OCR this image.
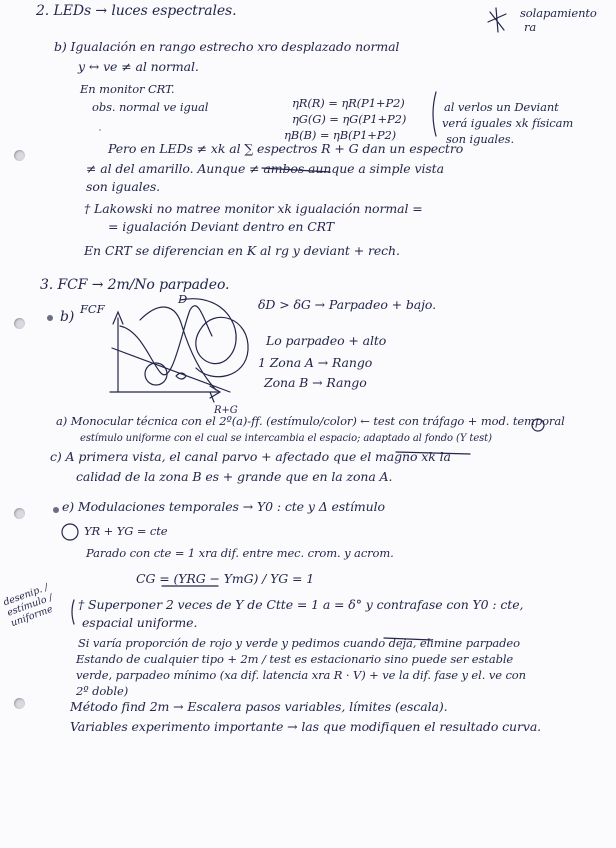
2. LEDs → luces espectrales.	solapamiento
ra
b) Igualación en rango estrecho xro desplazado normal
y ↔ ve ≠ al normal.
En monitor CRT.
obs. normal ve igual	ηR(R) = ηR(P1+P2)
ηG(G) = ηG(P1+P2)
ηB(B) = ηB(P1+P2)
al verlos un Deviant
verá iguales xk físicam
son iguales.
Pero en LEDs ≠ xk al ∑ espectros R + G dan un espectro
≠ al del amarillo. Aunque ≠ ambos aunque a simple vista
son iguales.
† Lakowski no matree monitor xk igualación normal =
= igualación Deviant dentro en CRT
En CRT se diferencian en K al rg y deviant + rech.
3. FCF → 2m/No parpadeo.
b) FCF
D
R+G
δD > δG → Parpadeo + bajo.
Lo parpadeo + alto
1 Zona A → Rango
Zona B → Rango
a) Monocular técnica con el 2º(a)-ff. (estímulo/color) ← test con tráfago + mod. temporal
estímulo uniforme con el cual se intercambia el espacio; adaptado al fondo (Y test)
c) A primera vista, el canal parvo + afectado que el magno xk la
calidad de la zona B es + grande que en la zona A.
e) Modulaciones temporales → Y0 : cte y Δ estímulo
YR + YG = cte
Parado con cte = 1 xra dif. entre mec. crom. y acrom.
CG = (YRG − YmG) / YG = 1
desenip. / estímulo / uniforme	† Superponer 2 veces de Y de Ctte = 1 a = δ° y contrafase con Y0 : cte,
espacial uniforme.
Si varía proporción de rojo y verde y pedimos cuando deja, elimine parpadeo
Estando de cualquier tipo + 2m / test es estacionario sino puede ser estable
verde, parpadeo mínimo (xa dif. latencia xra R · V) + ve la dif. fase y el. ve con
2º doble)
Método find 2m → Escalera pasos variables, límites (escala).
Variables experimento importante → las que modifiquen el resultado curva.
